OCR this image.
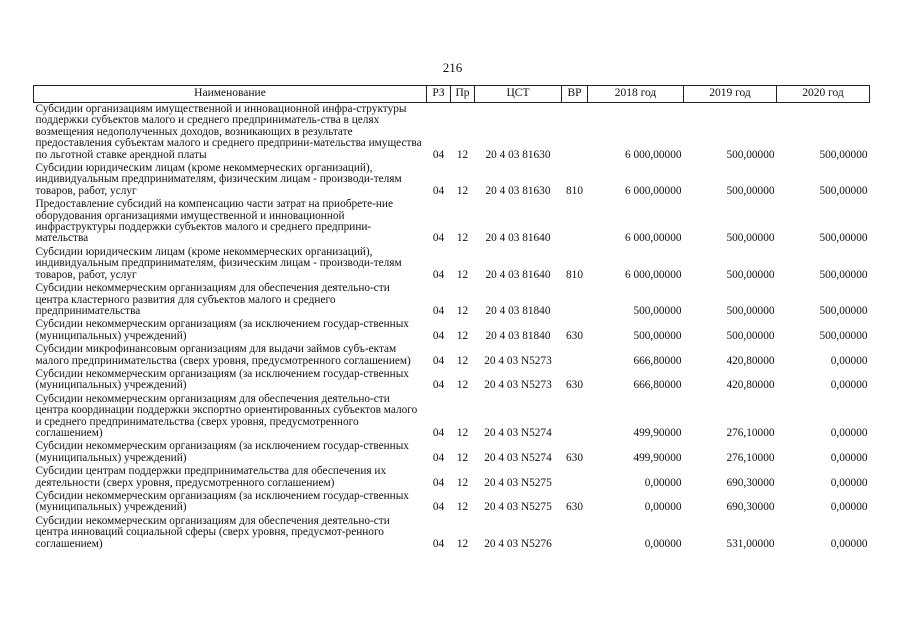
216
Наименование	РЗ	Пр	ЦСТ	ВР	2018 год	2019 год	2020 год
Субсидии организациям имущественной и инновационной инфра-структуры поддержки субъектов малого и среднего предприниматель-ства в целях возмещения недополученных доходов, возникающих в результате предоставления субъектам малого и среднего предприни-мательства имущества по льготной ставке арендной платы	04	12	20 4 03 81630		6 000,00000	500,00000	500,00000
Субсидии юридическим лицам (кроме некоммерческих организаций), индивидуальным предпринимателям, физическим лицам - производи-телям товаров, работ, услуг	04	12	20 4 03 81630	810	6 000,00000	500,00000	500,00000
Предоставление субсидий на компенсацию части затрат на приобрете-ние оборудования организациями имущественной и инновационной инфраструктуры поддержки субъектов малого и среднего предприни-мательства	04	12	20 4 03 81640		6 000,00000	500,00000	500,00000
Субсидии юридическим лицам (кроме некоммерческих организаций), индивидуальным предпринимателям, физическим лицам - производи-телям товаров, работ, услуг	04	12	20 4 03 81640	810	6 000,00000	500,00000	500,00000
Субсидии некоммерческим организациям для обеспечения деятельно-сти центра кластерного развития для субъектов малого и среднего предпринимательства	04	12	20 4 03 81840		500,00000	500,00000	500,00000
Субсидии некоммерческим организациям (за исключением государ-ственных (муниципальных) учреждений)	04	12	20 4 03 81840	630	500,00000	500,00000	500,00000
Субсидии микрофинансовым организациям для выдачи займов субъ-ектам малого предпринимательства (сверх уровня, предусмотренного соглашением)	04	12	20 4 03 N5273		666,80000	420,80000	0,00000
Субсидии некоммерческим организациям (за исключением государ-ственных (муниципальных) учреждений)	04	12	20 4 03 N5273	630	666,80000	420,80000	0,00000
Субсидии некоммерческим организациям для обеспечения деятельно-сти центра координации поддержки экспортно ориентированных субъектов малого и среднего предпринимательства (сверх уровня, предусмотренного соглашением)	04	12	20 4 03 N5274		499,90000	276,10000	0,00000
Субсидии некоммерческим организациям (за исключением государ-ственных (муниципальных) учреждений)	04	12	20 4 03 N5274	630	499,90000	276,10000	0,00000
Субсидии центрам поддержки предпринимательства для обеспечения их деятельности (сверх уровня, предусмотренного соглашением)	04	12	20 4 03 N5275		0,00000	690,30000	0,00000
Субсидии некоммерческим организациям (за исключением государ-ственных (муниципальных) учреждений)	04	12	20 4 03 N5275	630	0,00000	690,30000	0,00000
Субсидии некоммерческим организациям для обеспечения деятельно-сти центра инноваций социальной сферы (сверх уровня, предусмот-ренного соглашением)	04	12	20 4 03 N5276		0,00000	531,00000	0,00000
